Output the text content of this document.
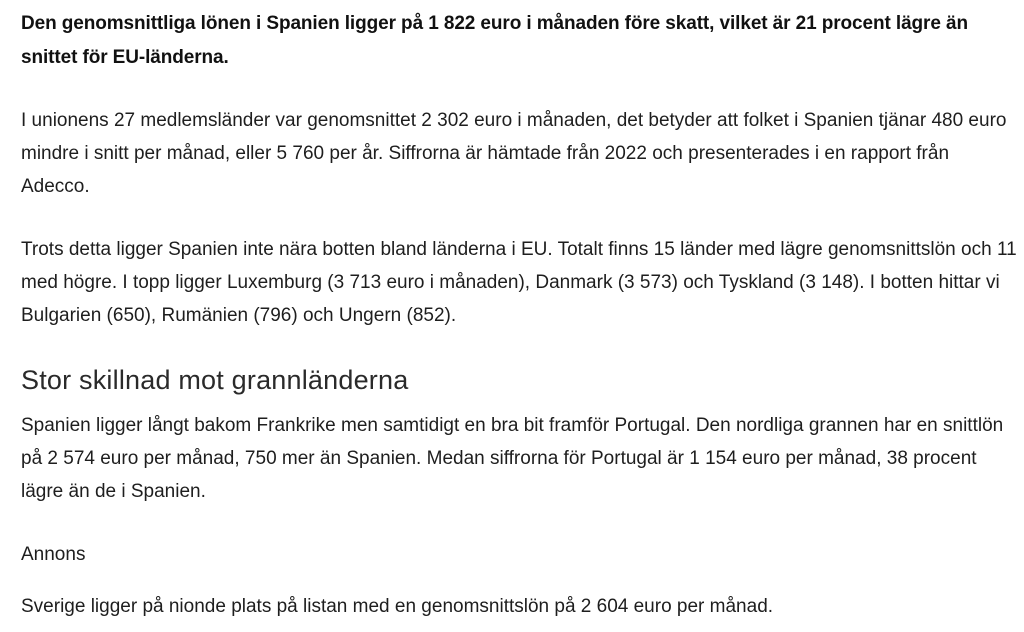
Den genomsnittliga lönen i Spanien ligger på 1 822 euro i månaden före skatt, vilket är 21 procent lägre än snittet för EU-länderna.

I unionens 27 medlemsländer var genomsnittet 2 302 euro i månaden, det betyder att folket i Spanien tjänar 480 euro mindre i snitt per månad, eller 5 760 per år. Siffrorna är hämtade från 2022 och presenterades i en rapport från Adecco.

Trots detta ligger Spanien inte nära botten bland länderna i EU. Totalt finns 15 länder med lägre genomsnittslön och 11 med högre. I topp ligger Luxemburg (3 713 euro i månaden), Danmark (3 573) och Tyskland (3 148). I botten hittar vi Bulgarien (650), Rumänien (796) och Ungern (852).

Stor skillnad mot grannländerna

Spanien ligger långt bakom Frankrike men samtidigt en bra bit framför Portugal. Den nordliga grannen har en snittlön på 2 574 euro per månad, 750 mer än Spanien. Medan siffrorna för Portugal är 1 154 euro per månad, 38 procent lägre än de i Spanien.

Annons

Sverige ligger på nionde plats på listan med en genomsnittslön på 2 604 euro per månad.
